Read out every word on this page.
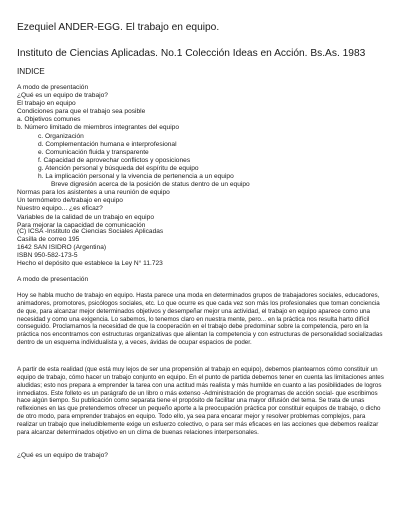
Ezequiel ANDER-EGG. El trabajo en equipo.
Instituto de Ciencias Aplicadas. No.1 Colección Ideas en Acción. Bs.As. 1983
INDICE
A modo de presentación
¿Qué es un equipo de trabajo?
El trabajo en equipo
Condiciones para que el trabajo sea posible
a. Objetivos comunes
b. Número limitado de miembros integrantes del equipo
c. Organización
d. Complementación humana e interprofesional
e. Comunicación fluida y transparente
f. Capacidad de aprovechar conflictos y oposiciones
g. Atención personal y búsqueda del espíritu de equipo
h. La implicación personal y la vivencia de pertenencia a un equipo
Breve digresión acerca de la posición de status dentro de un equipo
Normas para los asistentes a una reunión de equipo
Un termómetro de/trabajo en equipo
Nuestro equipo... ¿es eficaz?
Variables de la calidad de un trabajo en equipo
Para mejorar la capacidad de comunicación
(C) ICSA -Instituto de Ciencias Sociales Aplicadas
Casilla de correo 195
1642 SAN ISIDRO (Argentina)
ISBN 950-582-173-5
Hecho el depósito que establece la Ley N° 11.723
A modo de presentación

Hoy se habla mucho de trabajo en equipo. Hasta parece una moda en determinados grupos de trabajadores sociales, educadores, animadores, promotores, psicólogos sociales, etc. Lo que ocurre es que cada vez son más los profesionales que toman conciencia de que, para alcanzar mejor determinados objetivos y desempeñar mejor una actividad, el trabajo en equipo aparece como una necesidad y como una exigencia. Lo sabemos, lo tenemos claro en nuestra mente, pero... en la práctica nos resulta harto difícil conseguido. Proclamamos la necesidad de que la cooperación en el trabajo debe predominar sobre la competencia, pero en la práctica nos encontramos con estructuras organizativas que alientan la competencia y con estructuras de personalidad socializadas dentro de un esquema individualista y, a veces, ávidas de ocupar espacios de poder.

A partir de esta realidad (que está muy lejos de ser una propensión al trabajo en equipo), debemos plantearnos cómo constituir un equipo de trabajo, cómo hacer un trabajo conjunto en equipo. En el punto de partida debemos tener en cuenta las limitaciones antes aludidas; esto nos prepara a emprender la tarea con una actitud más realista y más humilde en cuanto a las posibilidades de logros inmediatos. Este folleto es un parágrafo de un libro o más extenso -Administración de programas de acción social- que escribimos hace algún tiempo. Su publicación como separata tiene el propósito de facilitar una mayor difusión del tema. Se trata de unas reflexiones en las que pretendemos ofrecer un pequeño aporte a la preocupación práctica por constituir equipos de trabajo, o dicho de otro modo, para emprender trabajos en equipo. Todo ello, ya sea para encarar mejor y resolver problemas complejos, para realizar un trabajo que ineludiblemente exige un esfuerzo colectivo, o para ser más eficaces en las acciones que debemos realizar para alcanzar determinados objetivo en un clima de buenas relaciones interpersonales.

¿Qué es un equipo de trabajo?
